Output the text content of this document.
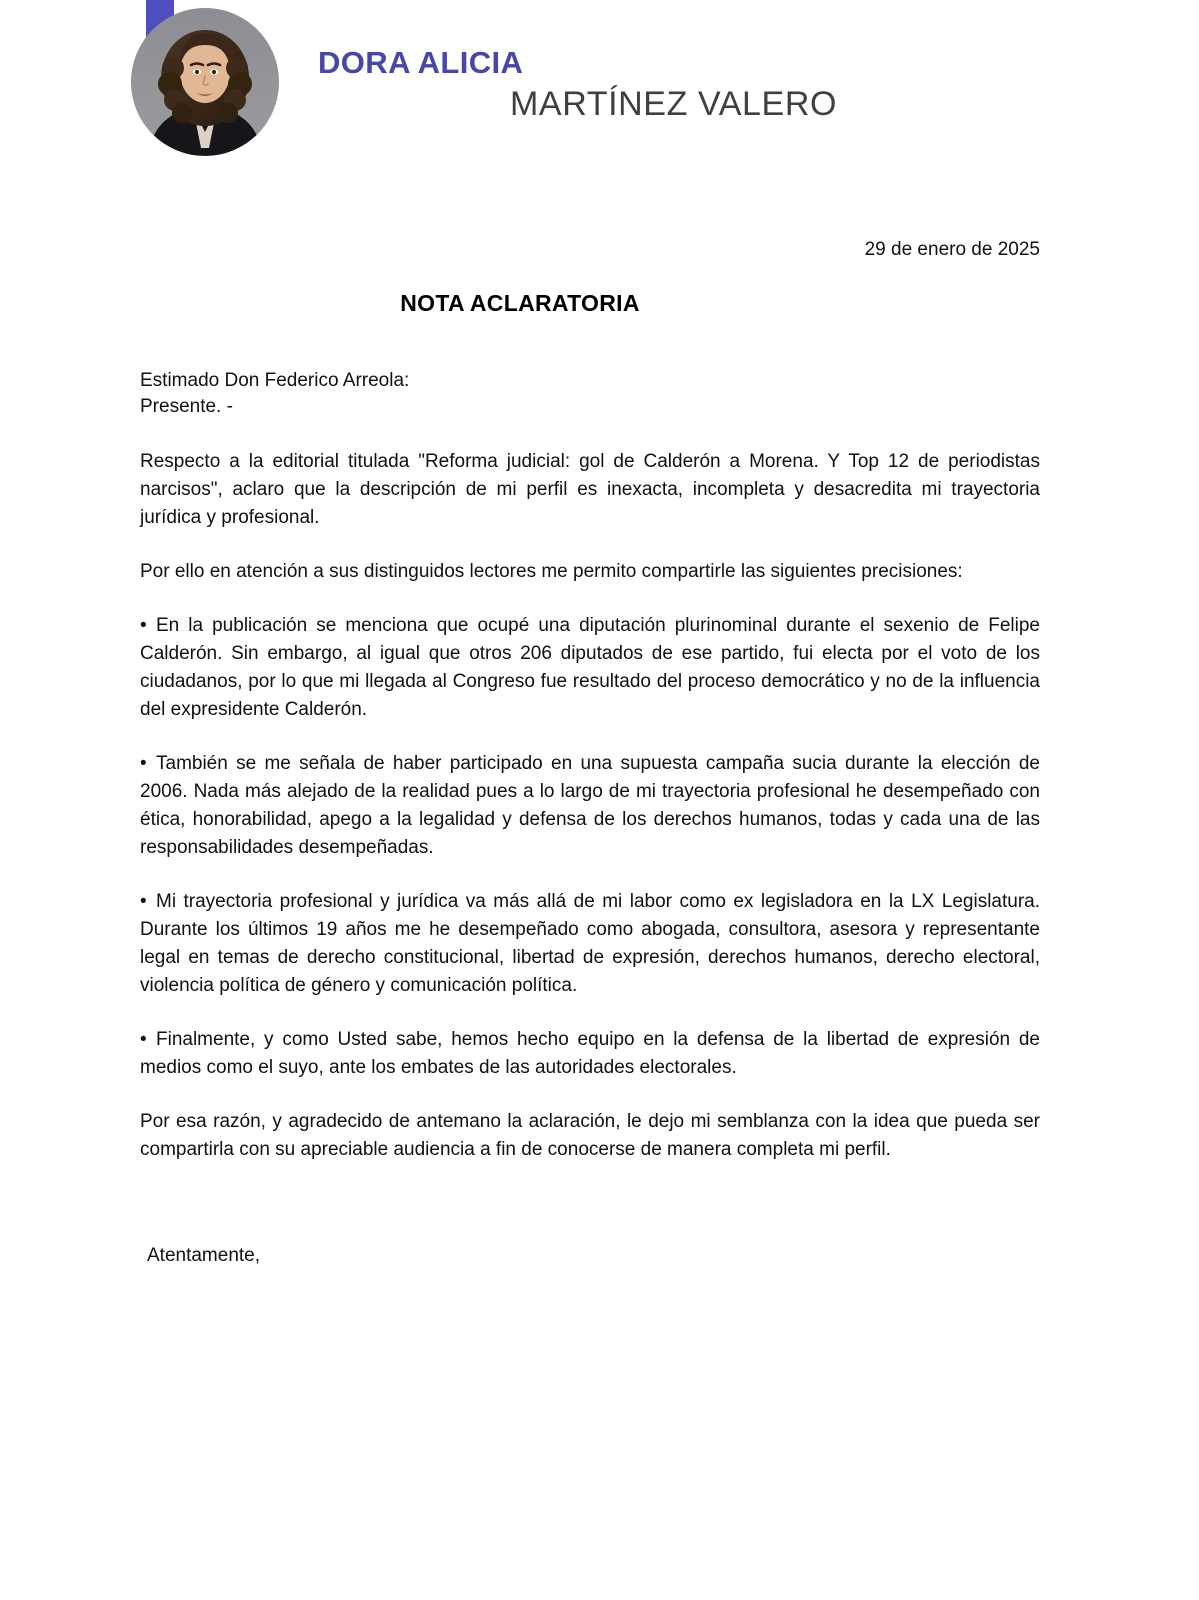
DORA ALICIA
MARTÍNEZ VALERO
29 de enero de 2025
NOTA ACLARATORIA
Estimado Don Federico Arreola:
Presente. -

Respecto a la editorial titulada "Reforma judicial: gol de Calderón a Morena. Y Top 12 de periodistas narcisos", aclaro que la descripción de mi perfil es inexacta, incompleta y desacredita mi trayectoria jurídica y profesional.

Por ello en atención a sus distinguidos lectores me permito compartirle las siguientes precisiones:

• En la publicación se menciona que ocupé una diputación plurinominal durante el sexenio de Felipe Calderón. Sin embargo, al igual que otros 206 diputados de ese partido, fui electa por el voto de los ciudadanos, por lo que mi llegada al Congreso fue resultado del proceso democrático y no de la influencia del expresidente Calderón.

• También se me señala de haber participado en una supuesta campaña sucia durante la elección de 2006. Nada más alejado de la realidad pues a lo largo de mi trayectoria profesional he desempeñado con ética, honorabilidad, apego a la legalidad y defensa de los derechos humanos, todas y cada una de las responsabilidades desempeñadas.

• Mi trayectoria profesional y jurídica va más allá de mi labor como ex legisladora en la LX Legislatura. Durante los últimos 19 años me he desempeñado como abogada, consultora, asesora y representante legal en temas de derecho constitucional, libertad de expresión, derechos humanos, derecho electoral, violencia política de género y comunicación política.

• Finalmente, y como Usted sabe, hemos hecho equipo en la defensa de la libertad de expresión de medios como el suyo, ante los embates de las autoridades electorales.

Por esa razón, y agradecido de antemano la aclaración, le dejo mi semblanza con la idea que pueda ser compartirla con su apreciable audiencia a fin de conocerse de manera completa mi perfil.

Atentamente,
